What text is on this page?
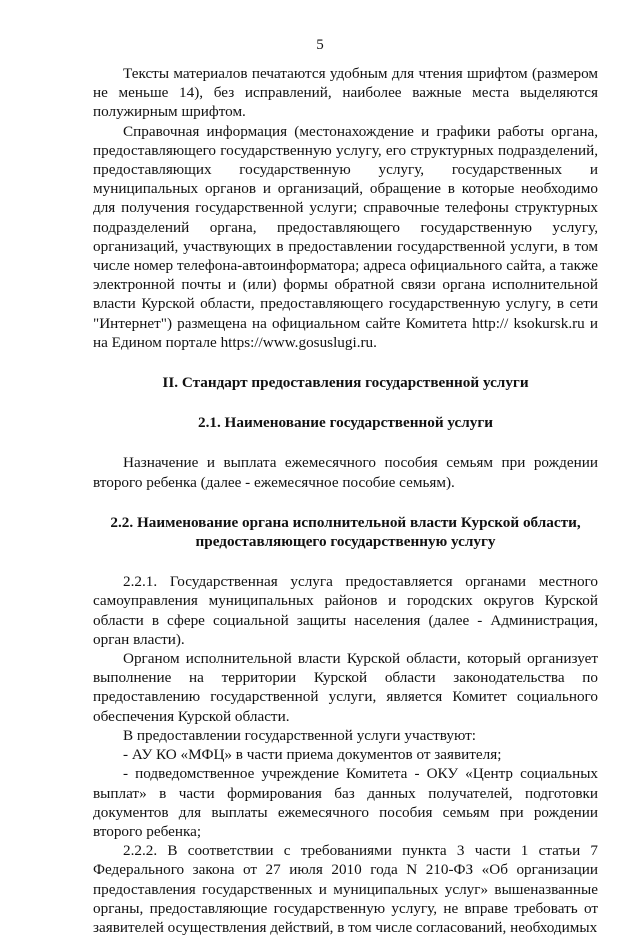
5

Тексты материалов печатаются удобным для чтения шрифтом (размером не меньше 14), без исправлений, наиболее важные места выделяются полужирным шрифтом.

Справочная информация (местонахождение и графики работы органа, предоставляющего государственную услугу, его структурных подразделений, предоставляющих государственную услугу, государственных и муниципальных органов и организаций, обращение в которые необходимо для получения государственной услуги; справочные телефоны структурных подразделений органа, предоставляющего государственную услугу, организаций, участвующих в предоставлении государственной услуги, в том числе номер телефона-автоинформатора; адреса официального сайта, а также электронной почты и (или) формы обратной связи органа исполнительной власти Курской области, предоставляющего государственную услугу, в сети "Интернет") размещена на официальном сайте Комитета http:// ksokursk.ru и на Едином портале https://www.gosuslugi.ru.

II. Стандарт предоставления государственной услуги

2.1. Наименование государственной услуги

Назначение и выплата ежемесячного пособия семьям при рождении второго ребенка (далее - ежемесячное пособие семьям).

2.2. Наименование органа исполнительной власти Курской области,

предоставляющего государственную услугу

2.2.1. Государственная услуга предоставляется органами местного самоуправления муниципальных районов и городских округов Курской области в сфере социальной защиты населения (далее - Администрация, орган власти).

Органом исполнительной власти Курской области, который организует выполнение на территории Курской области законодательства по предоставлению государственной услуги, является Комитет социального обеспечения Курской области.

В предоставлении государственной услуги участвуют:

- АУ КО «МФЦ» в части приема документов от заявителя;

- подведомственное учреждение Комитета - ОКУ «Центр социальных выплат» в части формирования баз данных получателей, подготовки документов для выплаты ежемесячного пособия семьям при рождении второго ребенка;

2.2.2. В соответствии с требованиями пункта 3 части 1 статьи 7 Федерального закона от 27 июля 2010 года N 210-ФЗ «Об организации предоставления государственных и муниципальных услуг» вышеназванные органы, предоставляющие государственную услугу, не вправе требовать от заявителей осуществления действий, в том числе согласований, необходимых
